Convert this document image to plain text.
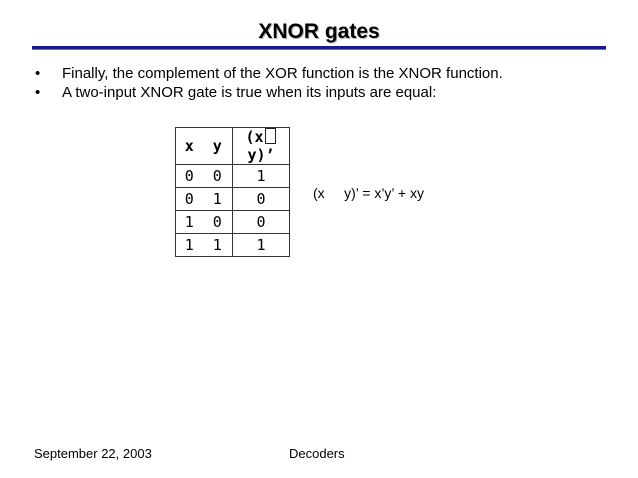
XNOR gates
• Finally, the complement of the XOR function is the XNOR function.
• A two-input XNOR gate is true when its inputs are equal:
x	y	(xy)’
0	0	1
0	1	0
1	0	0
1	1	1
(x     y)’ = x’y’ + xy
September 22, 2003	Decoders
